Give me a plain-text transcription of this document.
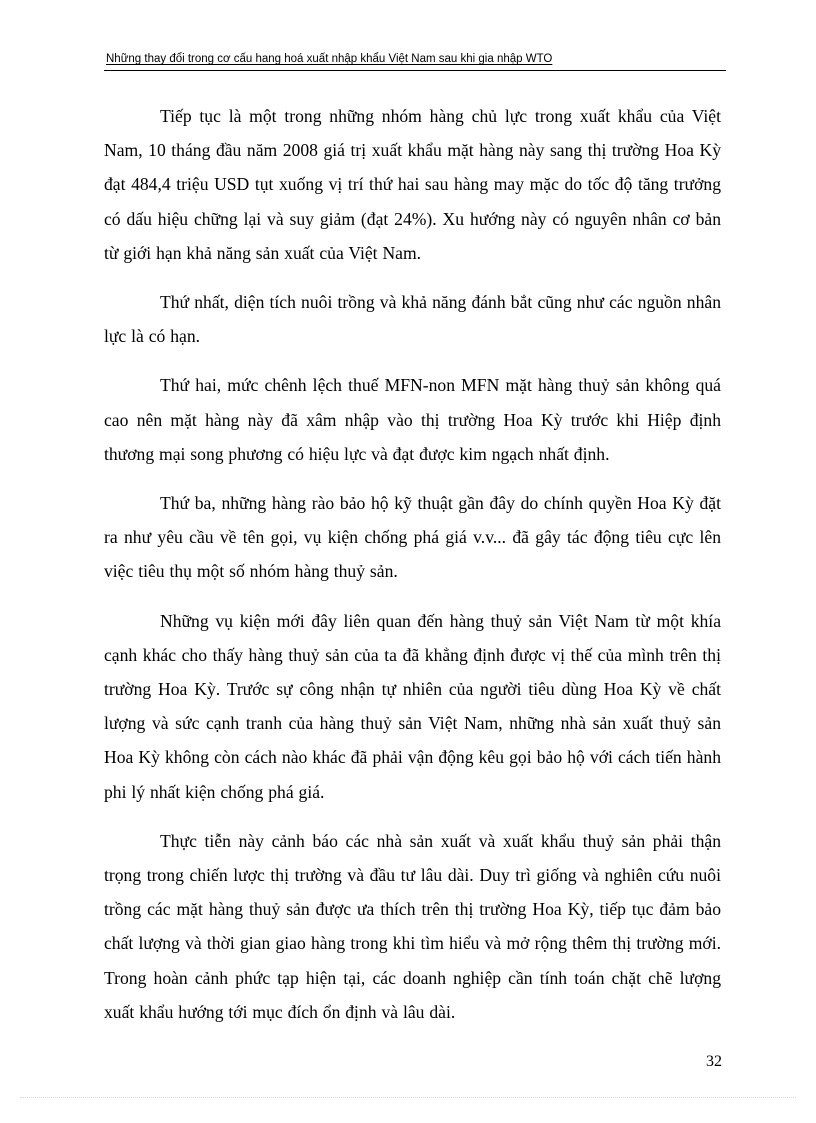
Những thay đổi trong cơ cấu hang hoá xuất nhập khẩu Việt Nam sau khi gia nhập WTO

Tiếp tục là một trong những nhóm hàng chủ lực trong xuất khẩu của Việt Nam, 10 tháng đầu năm 2008 giá trị xuất khẩu mặt hàng này sang thị trường Hoa Kỳ đạt 484,4 triệu USD tụt xuống vị trí thứ hai sau hàng may mặc do tốc độ tăng trưởng có dấu hiệu chững lại và suy giảm (đạt 24%). Xu hướng này có nguyên nhân cơ bản từ giới hạn khả năng sản xuất của Việt Nam.

Thứ nhất, diện tích nuôi trồng và khả năng đánh bắt cũng như các nguồn nhân lực là có hạn.

Thứ hai, mức chênh lệch thuế MFN-non MFN mặt hàng thuỷ sản không quá cao nên mặt hàng này đã xâm nhập vào thị trường Hoa Kỳ trước khi Hiệp định thương mại song phương có hiệu lực và đạt được kim ngạch nhất định.

Thứ ba, những hàng rào bảo hộ kỹ thuật gần đây do chính quyền Hoa Kỳ đặt ra như yêu cầu về tên gọi, vụ kiện chống phá giá v.v... đã gây tác động tiêu cực lên việc tiêu thụ một số nhóm hàng thuỷ sản.

Những vụ kiện mới đây liên quan đến hàng thuỷ sản Việt Nam từ một khía cạnh khác cho thấy hàng thuỷ sản của ta đã khẳng định được vị thế của mình trên thị trường Hoa Kỳ. Trước sự công nhận tự nhiên của người tiêu dùng Hoa Kỳ về chất lượng và sức cạnh tranh của hàng thuỷ sản Việt Nam, những nhà sản xuất thuỷ sản Hoa Kỳ không còn cách nào khác đã phải vận động kêu gọi bảo hộ với cách tiến hành phi lý nhất kiện chống phá giá.

Thực tiễn này cảnh báo các nhà sản xuất và xuất khẩu thuỷ sản phải thận trọng trong chiến lược thị trường và đầu tư lâu dài. Duy trì giống và nghiên cứu nuôi trồng các mặt hàng thuỷ sản được ưa thích trên thị trường Hoa Kỳ, tiếp tục đảm bảo chất lượng và thời gian giao hàng trong khi tìm hiểu và mở rộng thêm thị trường mới. Trong hoàn cảnh phức tạp hiện tại, các doanh nghiệp cần tính toán chặt chẽ lượng xuất khẩu hướng tới mục đích ổn định và lâu dài.

32
